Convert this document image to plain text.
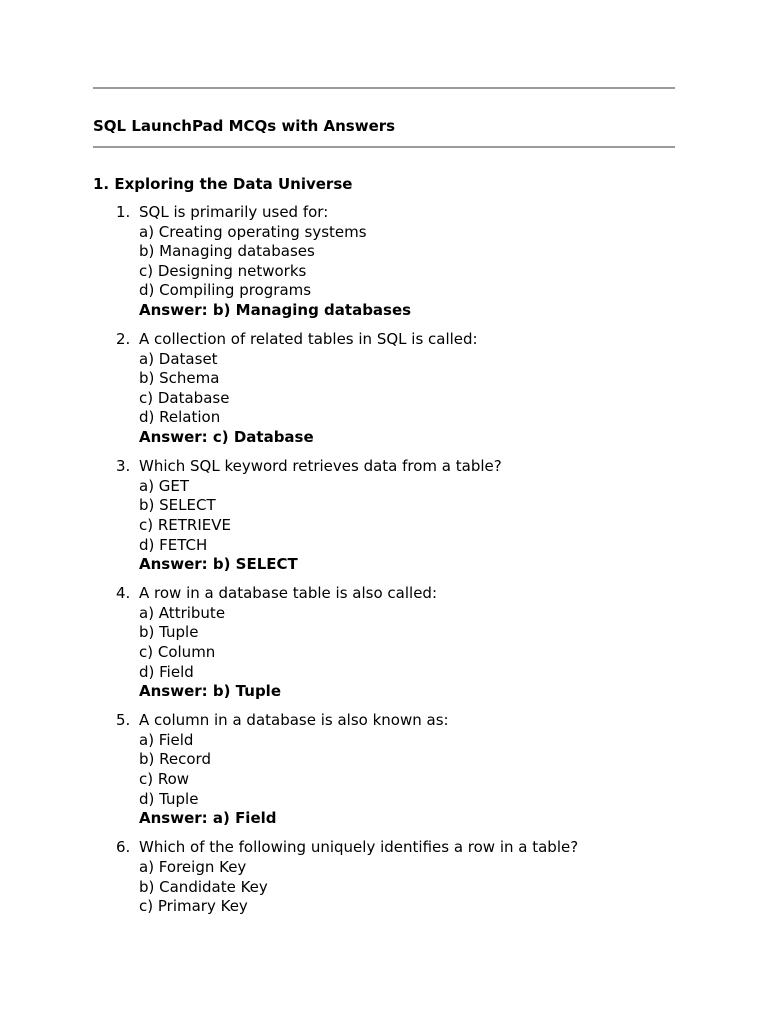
SQL LaunchPad MCQs with Answers
1. Exploring the Data Universe
1. SQL is primarily used for:
a) Creating operating systems
b) Managing databases
c) Designing networks
d) Compiling programs
Answer: b) Managing databases
2. A collection of related tables in SQL is called:
a) Dataset
b) Schema
c) Database
d) Relation
Answer: c) Database
3. Which SQL keyword retrieves data from a table?
a) GET
b) SELECT
c) RETRIEVE
d) FETCH
Answer: b) SELECT
4. A row in a database table is also called:
a) Attribute
b) Tuple
c) Column
d) Field
Answer: b) Tuple
5. A column in a database is also known as:
a) Field
b) Record
c) Row
d) Tuple
Answer: a) Field
6. Which of the following uniquely identifies a row in a table?
a) Foreign Key
b) Candidate Key
c) Primary Key
